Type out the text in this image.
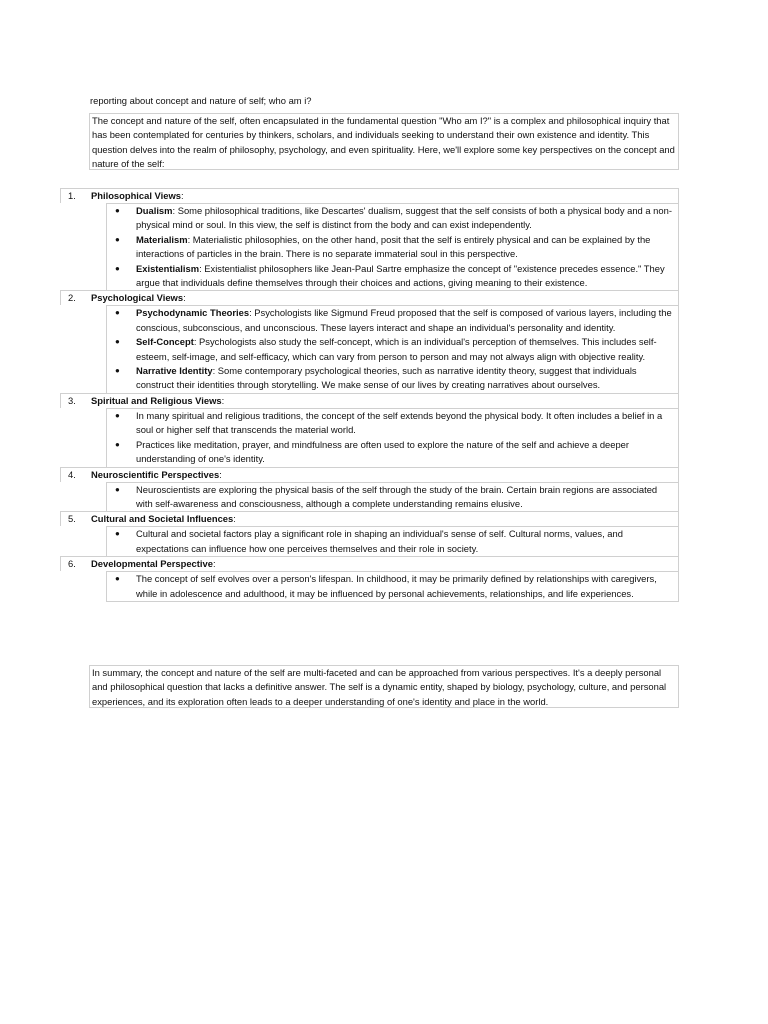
reporting about concept and nature of self; who am i?
The concept and nature of the self, often encapsulated in the fundamental question "Who am I?" is a complex and philosophical inquiry that has been contemplated for centuries by thinkers, scholars, and individuals seeking to understand their own existence and identity. This question delves into the realm of philosophy, psychology, and even spirituality. Here, we'll explore some key perspectives on the concept and nature of the self:
1. Philosophical Views:
● Dualism: Some philosophical traditions, like Descartes' dualism, suggest that the self consists of both a physical body and a non-physical mind or soul. In this view, the self is distinct from the body and can exist independently.
● Materialism: Materialistic philosophies, on the other hand, posit that the self is entirely physical and can be explained by the interactions of particles in the brain. There is no separate immaterial soul in this perspective.
● Existentialism: Existentialist philosophers like Jean-Paul Sartre emphasize the concept of "existence precedes essence." They argue that individuals define themselves through their choices and actions, giving meaning to their existence.
2. Psychological Views:
● Psychodynamic Theories: Psychologists like Sigmund Freud proposed that the self is composed of various layers, including the conscious, subconscious, and unconscious. These layers interact and shape an individual's personality and identity.
● Self-Concept: Psychologists also study the self-concept, which is an individual's perception of themselves. This includes self-esteem, self-image, and self-efficacy, which can vary from person to person and may not always align with objective reality.
● Narrative Identity: Some contemporary psychological theories, such as narrative identity theory, suggest that individuals construct their identities through storytelling. We make sense of our lives by creating narratives about ourselves.
3. Spiritual and Religious Views:
● In many spiritual and religious traditions, the concept of the self extends beyond the physical body. It often includes a belief in a soul or higher self that transcends the material world.
● Practices like meditation, prayer, and mindfulness are often used to explore the nature of the self and achieve a deeper understanding of one's identity.
4. Neuroscientific Perspectives:
● Neuroscientists are exploring the physical basis of the self through the study of the brain. Certain brain regions are associated with self-awareness and consciousness, although a complete understanding remains elusive.
5. Cultural and Societal Influences:
● Cultural and societal factors play a significant role in shaping an individual's sense of self. Cultural norms, values, and expectations can influence how one perceives themselves and their role in society.
6. Developmental Perspective:
● The concept of self evolves over a person's lifespan. In childhood, it may be primarily defined by relationships with caregivers, while in adolescence and adulthood, it may be influenced by personal achievements, relationships, and life experiences.
In summary, the concept and nature of the self are multi-faceted and can be approached from various perspectives. It's a deeply personal and philosophical question that lacks a definitive answer. The self is a dynamic entity, shaped by biology, psychology, culture, and personal experiences, and its exploration often leads to a deeper understanding of one's identity and place in the world.
